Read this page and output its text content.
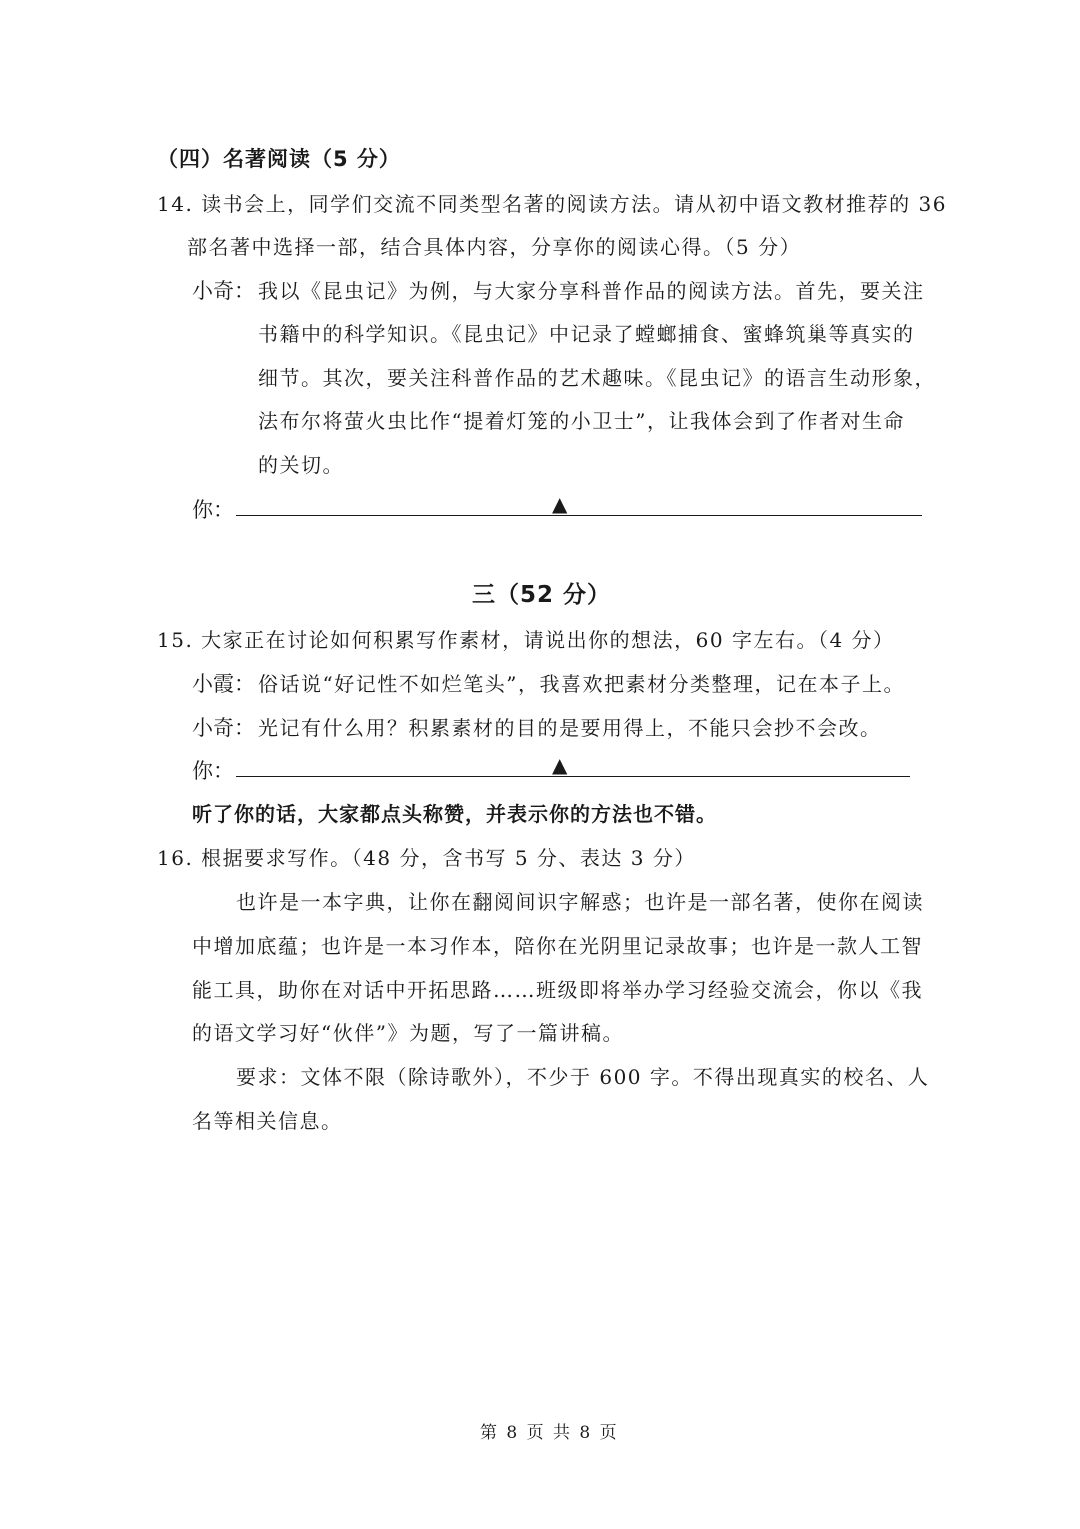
（四）名著阅读（5 分）
14. 读书会上，同学们交流不同类型名著的阅读方法。请从初中语文教材推荐的 36
部名著中选择一部，结合具体内容，分享你的阅读心得。（5 分）
小奇： 我以《昆虫记》为例，与大家分享科普作品的阅读方法。首先，要关注
书籍中的科学知识。《昆虫记》中记录了螳螂捕食、蜜蜂筑巢等真实的
细节。其次，要关注科普作品的艺术趣味。《昆虫记》的语言生动形象，
法布尔将萤火虫比作“提着灯笼的小卫士”，让我体会到了作者对生命
的关切。
你：	▲
三（52 分）
15. 大家正在讨论如何积累写作素材，请说出你的想法，60 字左右。（4 分）
小霞： 俗话说“好记性不如烂笔头”，我喜欢把素材分类整理，记在本子上。
小奇： 光记有什么用？积累素材的目的是要用得上，不能只会抄不会改。
你：	▲
听了你的话，大家都点头称赞，并表示你的方法也不错。
16. 根据要求写作。（48 分，含书写 5 分、表达 3 分）
也许是一本字典，让你在翻阅间识字解惑；也许是一部名著，使你在阅读
中增加底蕴；也许是一本习作本，陪你在光阴里记录故事；也许是一款人工智
能工具，助你在对话中开拓思路……班级即将举办学习经验交流会，你以《我
的语文学习好“伙伴”》为题，写了一篇讲稿。
要求：文体不限（除诗歌外），不少于 600 字。不得出现真实的校名、人
名等相关信息。
第 8 页 共 8 页
